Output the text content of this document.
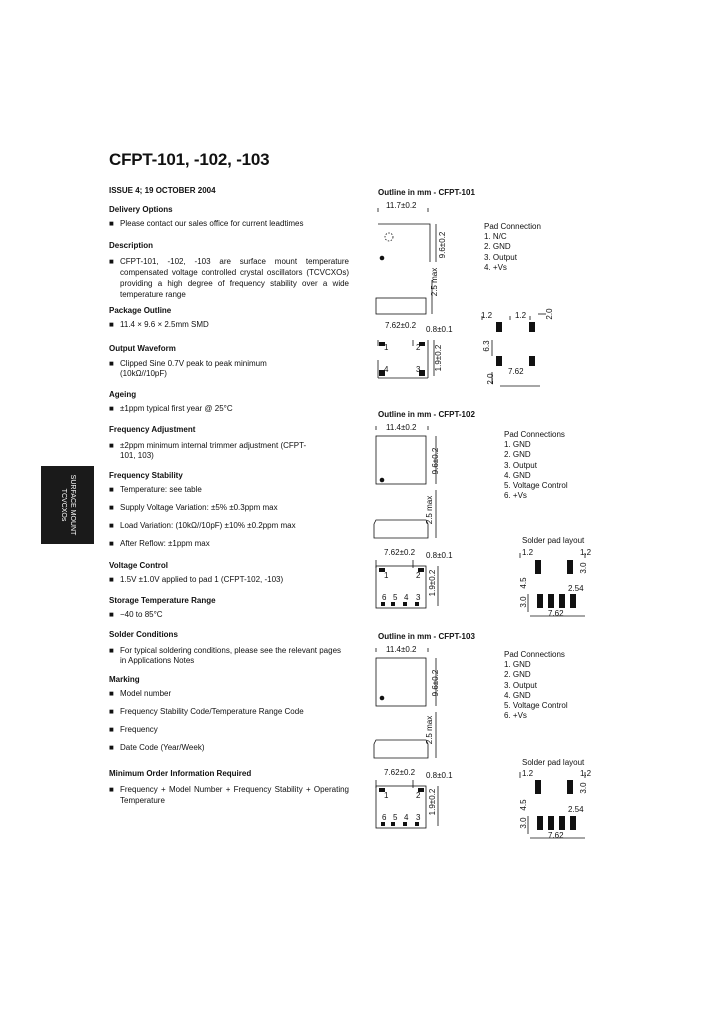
CFPT-101, -102, -103
ISSUE 4; 19 OCTOBER 2004
Delivery Options
■ Please contact our sales office for current leadtimes
Description
■ CFPT-101, -102, -103 are surface mount temperature compensated voltage controlled crystal oscillators (TCVCXOs) providing a high degree of frequency stability over a wide temperature range
Package Outline
■ 11.4 × 9.6 × 2.5mm SMD
Output Waveform
■ Clipped Sine 0.7V peak to peak minimum (10kΩ//10pF)
Ageing
■ ±1ppm typical first year @ 25°C
Frequency Adjustment
■ ±2ppm minimum internal trimmer adjustment (CFPT-101, 103)
Frequency Stability
■ Temperature: see table
■ Supply Voltage Variation: ±5% ±0.3ppm max
■ Load Variation: (10kΩ//10pF) ±10% ±0.2ppm max
■ After Reflow: ±1ppm max
Voltage Control
■ 1.5V ±1.0V applied to pad 1 (CFPT-102, -103)
Storage Temperature Range
■ −40 to 85°C
Solder Conditions
■ For typical soldering conditions, please see the relevant pages in Applications Notes
Marking
■ Model number
■ Frequency Stability Code/Temperature Range Code
■ Frequency
■ Date Code (Year/Week)
Minimum Order Information Required
■ Frequency + Model Number + Frequency Stability + Operating Temperature
SURFACE MOUNT
TCVCXOs
Outline in mm - CFPT-101
Outline in mm - CFPT-102
Outline in mm - CFPT-103
Pad Connection
1. N/C
2. GND
3. Output
4. +Vs
Pad Connections
1. GND
2. GND
3. Output
4. GND
5. Voltage Control
6. +Vs
Pad Connections
1. GND
2. GND
3. Output
4. GND
5. Voltage Control
6. +Vs
11.7±0.2
9.6±0.2
2.5 max
7.62±0.2 0.8±0.1
1.9±0.2
1	2
4	3
1.2	1.2 2.0
6.3
2.0
7.62
11.4±0.2
9.6±0.2
2.5 max
7.62±0.2 0.8±0.1
1.9±0.2
1	2
6 5 4 3
Solder pad layout
1.2	1.2
3.0
4.5	2.54
3.0
7.62
11.4±0.2
9.6±0.2
2.5 max
7.62±0.2 0.8±0.1
1.9±0.2
1	2
6 5 4 3
Solder pad layout
1.2	1.2
3.0
4.5	2.54
3.0
7.62
